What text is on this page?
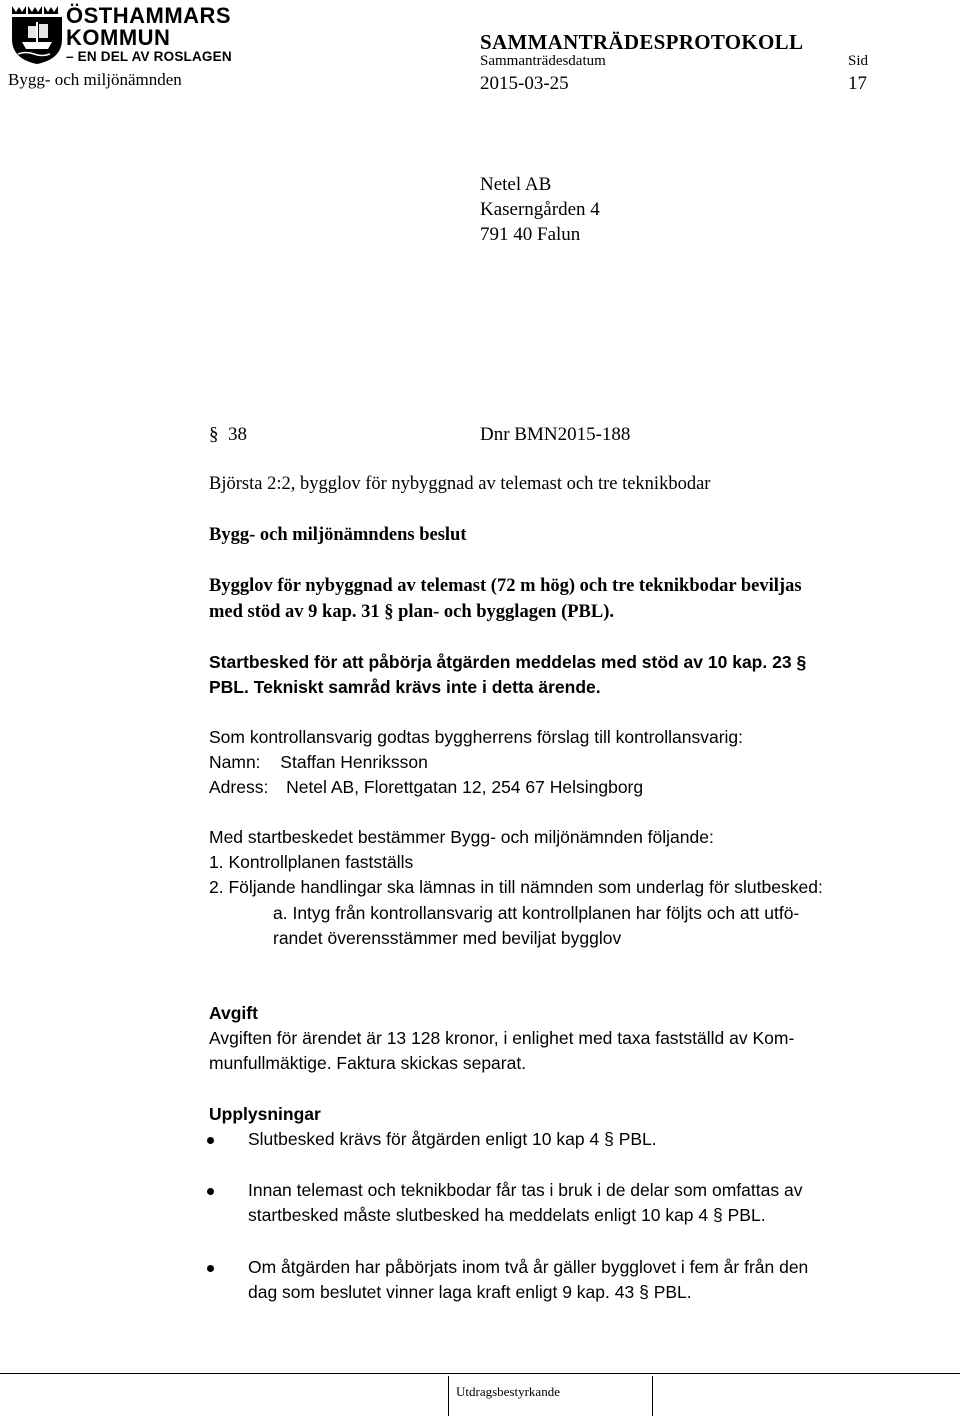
ÖSTHAMMARS
KOMMUN
– EN DEL AV ROSLAGEN
Bygg- och miljönämnden
SAMMANTRÄDESPROTOKOLL
Sammanträdesdatum	Sid
2015-03-25	17
Netel AB
Kaserngården 4
791 40 Falun
§ 38	Dnr BMN2015-188
Björsta 2:2, bygglov för nybyggnad av telemast och tre teknikbodar
Bygg- och miljönämndens beslut
Bygglov för nybyggnad av telemast (72 m hög) och tre teknikbodar beviljas
med stöd av 9 kap. 31 § plan- och bygglagen (PBL).
Startbesked för att påbörja åtgärden meddelas med stöd av 10 kap. 23 §
PBL. Tekniskt samråd krävs inte i detta ärende.
Som kontrollansvarig godtas byggherrens förslag till kontrollansvarig:
Namn: Staffan Henriksson
Adress: Netel AB, Florettgatan 12, 254 67 Helsingborg
Med startbeskedet bestämmer Bygg- och miljönämnden följande:
1. Kontrollplanen fastställs
2. Följande handlingar ska lämnas in till nämnden som underlag för slutbesked:
a. Intyg från kontrollansvarig att kontrollplanen har följts och att utfö-
randet överensstämmer med beviljat bygglov
Avgift
Avgiften för ärendet är 13 128 kronor, i enlighet med taxa fastställd av Kom-
munfullmäktige. Faktura skickas separat.
Upplysningar
Slutbesked krävs för åtgärden enligt 10 kap 4 § PBL.
Innan telemast och teknikbodar får tas i bruk i de delar som omfattas av
startbesked måste slutbesked ha meddelats enligt 10 kap 4 § PBL.
Om åtgärden har påbörjats inom två år gäller bygglovet i fem år från den
dag som beslutet vinner laga kraft enligt 9 kap. 43 § PBL.
Utdragsbestyrkande
